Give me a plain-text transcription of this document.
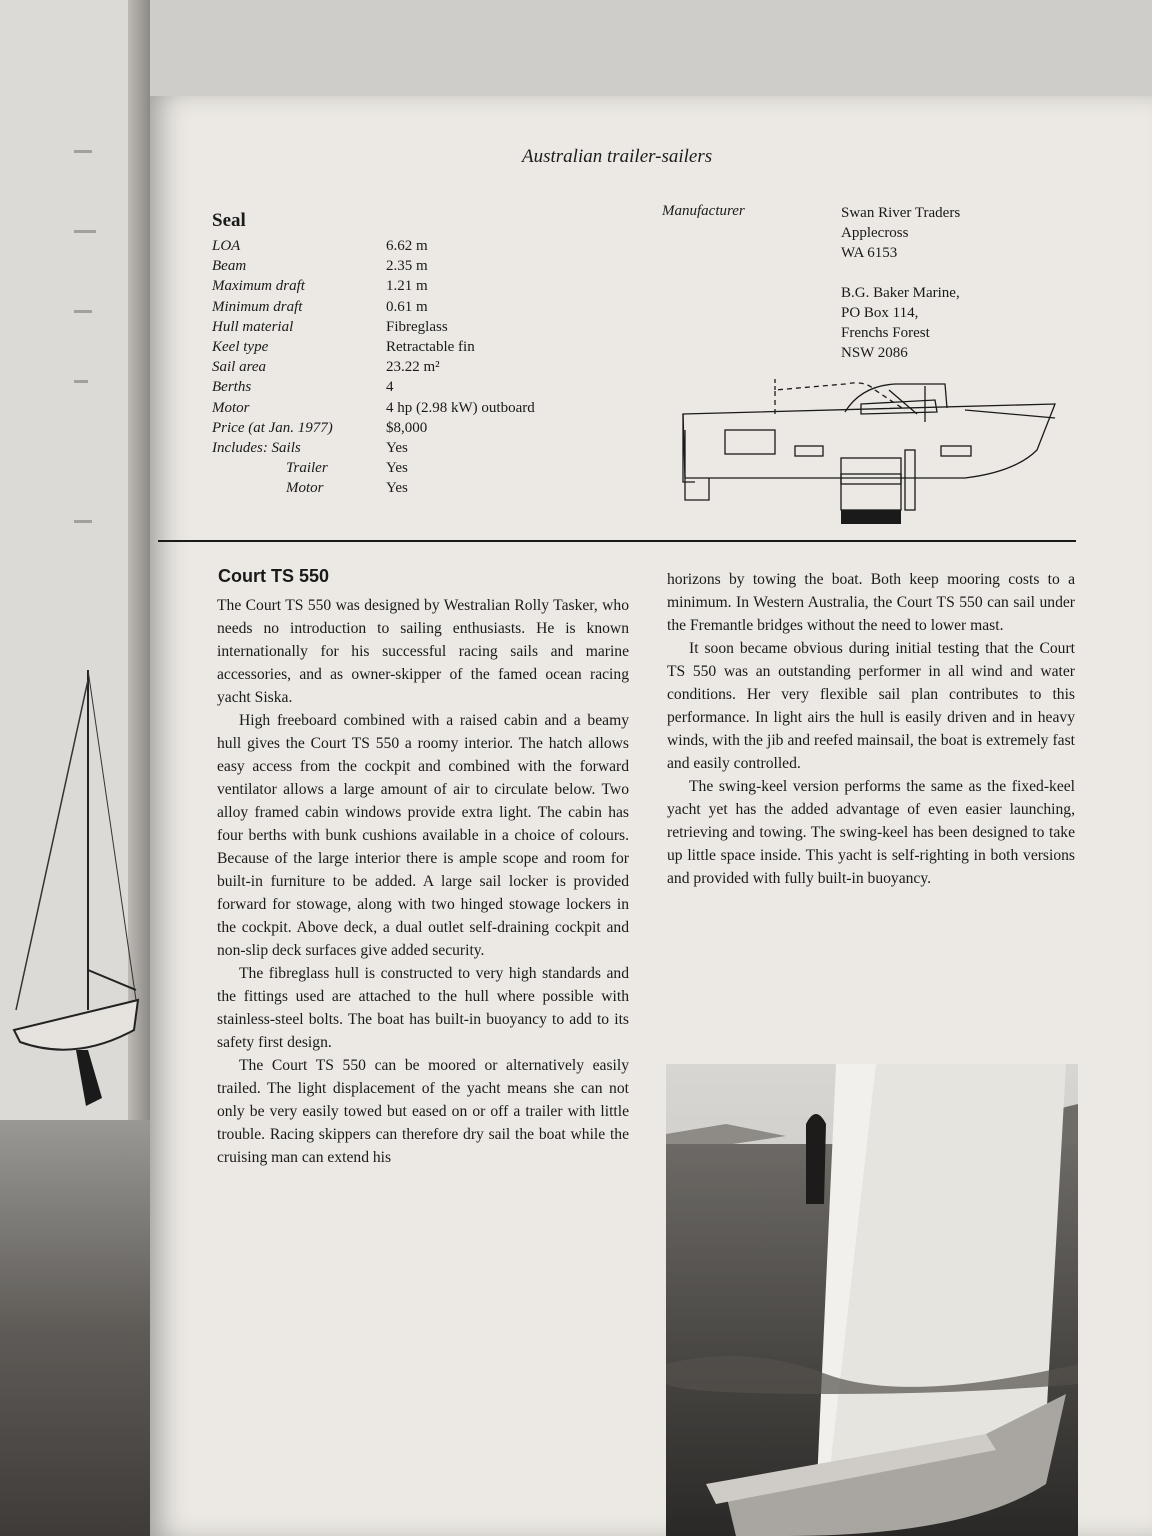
Australian trailer-sailers
Seal
LOA	6.62 m
Beam	2.35 m
Maximum draft	1.21 m
Minimum draft	0.61 m
Hull material	Fibreglass
Keel type	Retractable fin
Sail area	23.22 m²
Berths	4
Motor	4 hp (2.98 kW) outboard
Price (at Jan. 1977)	$8,000
Includes: Sails	Yes
Trailer	Yes
Motor	Yes
Manufacturer	Swan River Traders
Applecross
WA 6153
B.G. Baker Marine,
PO Box 114,
Frenchs Forest
NSW 2086
Court TS 550

The Court TS 550 was designed by Westralian Rolly Tasker, who needs no introduction to sailing enthusiasts. He is known internationally for his successful racing sails and marine accessories, and as owner-skipper of the famed ocean racing yacht Siska.

High freeboard combined with a raised cabin and a beamy hull gives the Court TS 550 a roomy interior. The hatch allows easy access from the cockpit and combined with the forward ventilator allows a large amount of air to circulate below. Two alloy framed cabin windows provide extra light. The cabin has four berths with bunk cushions available in a choice of colours. Because of the large interior there is ample scope and room for built-in furniture to be added. A large sail locker is provided forward for stowage, along with two hinged stowage lockers in the cockpit. Above deck, a dual outlet self-draining cockpit and non-slip deck surfaces give added security.

The fibreglass hull is constructed to very high standards and the fittings used are attached to the hull where possible with stainless-steel bolts. The boat has built-in buoyancy to add to its safety first design.

The Court TS 550 can be moored or alternatively easily trailed. The light displacement of the yacht means she can not only be very easily towed but eased on or off a trailer with little trouble. Racing skippers can therefore dry sail the boat while the cruising man can extend his

horizons by towing the boat. Both keep mooring costs to a minimum. In Western Australia, the Court TS 550 can sail under the Fremantle bridges without the need to lower mast.

It soon became obvious during initial testing that the Court TS 550 was an outstanding performer in all wind and water conditions. Her very flexible sail plan contributes to this performance. In light airs the hull is easily driven and in heavy winds, with the jib and reefed mainsail, the boat is extremely fast and easily controlled.

The swing-keel version performs the same as the fixed-keel yacht yet has the added advantage of even easier launching, retrieving and towing. The swing-keel has been designed to take up little space inside. This yacht is self-righting in both versions and provided with fully built-in buoyancy.
